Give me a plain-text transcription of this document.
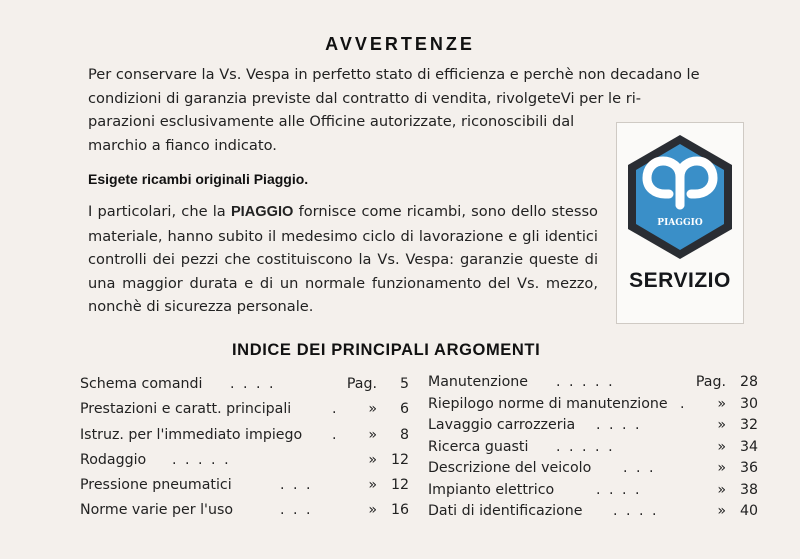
AVVERTENZE

Per conservare la Vs. Vespa in perfetto stato di efficienza e perchè non decadano le condizioni di garanzia previste dal contratto di vendita, rivolgeteVi per le ri-
parazioni esclusivamente alle Officine autorizzate, riconoscibili dal marchio a fianco indicato.

Esigete ricambi originali Piaggio.

I particolari, che la PIAGGIO fornisce come ricambi, sono dello stesso materiale, hanno subito il medesimo ciclo di lavorazione e gli identici controlli dei pezzi che costituiscono la Vs. Vespa: garanzie queste di una maggior durata e di un normale funzionamento del Vs. mezzo, nonchè di sicurezza personale.

PIAGGIO
SERVIZIO
INDICE DEI PRINCIPALI ARGOMENTI
Schema comandi . . . .	Pag.	5
Prestazioni e caratt. principali	. »	6
Istruz. per l'immediato impiego . »	8
Rodaggio . . . . .	» 12
Pressione pneumatici	. . .	» 12
Norme varie per l'uso	. . .	» 16
Manutenzione . . . . .	Pag. 28
Riepilogo norme di manutenzione . » 30
Lavaggio carrozzeria . . . .	» 32
Ricerca guasti . . . . .	» 34
Descrizione del veicolo . . .	» 36
Impianto elettrico	. . . .	» 38
Dati di identificazione . . . .	» 40
